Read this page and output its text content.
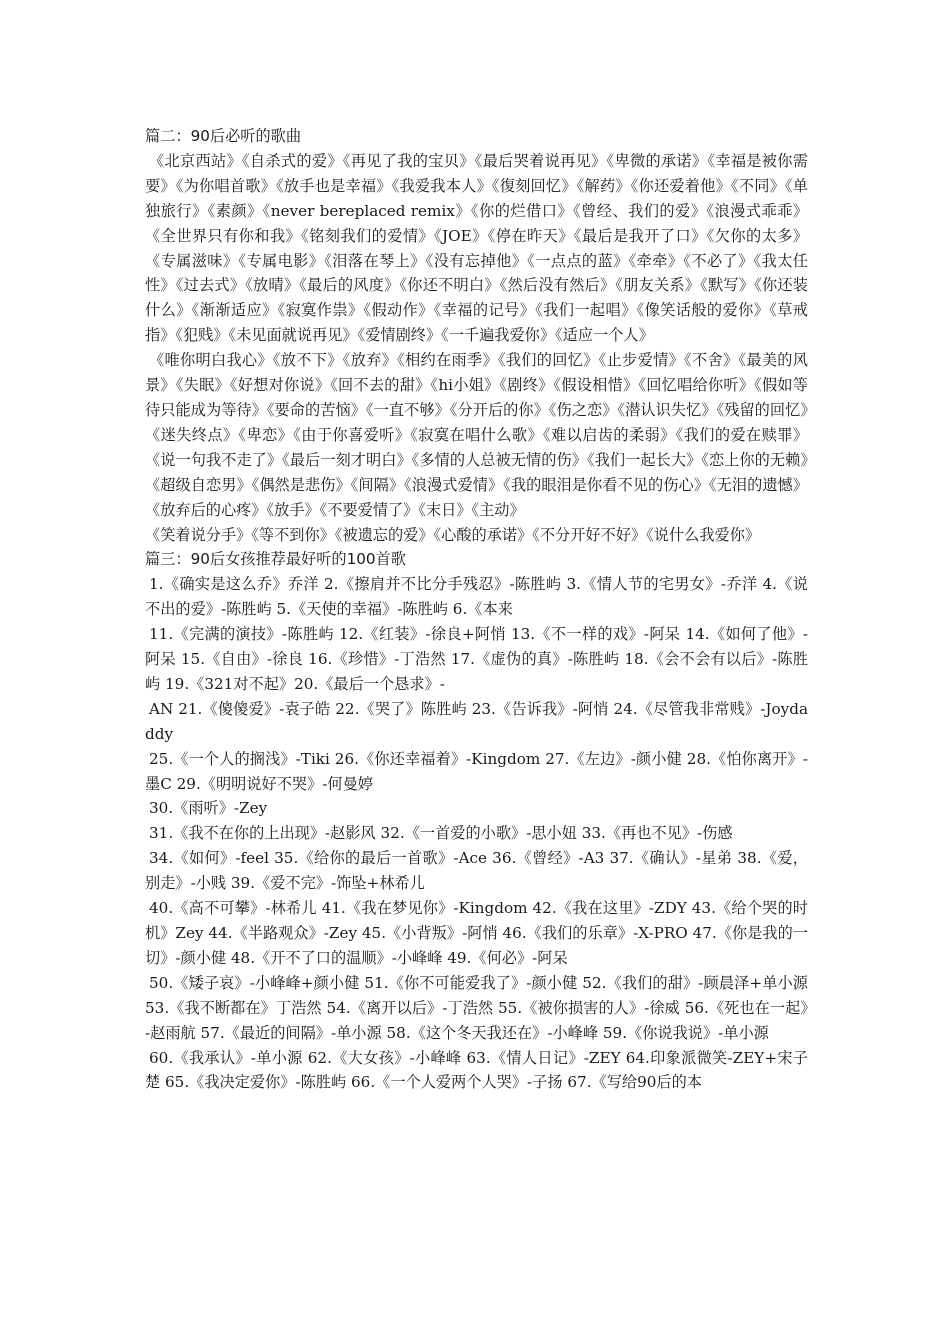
篇二：90后必听的歌曲

《北京西站》《自杀式的爱》《再见了我的宝贝》《最后哭着说再见》《卑微的承诺》《幸福是被你需要》《为你唱首歌》《放手也是幸福》《我爱我本人》《復刻回忆》《解药》《你还爱着他》《不同》《单独旅行》《素颜》《never bereplaced remix》《你的烂借口》《曾经、我们的爱》《浪漫式乖乖》《全世界只有你和我》《铭刻我们的爱情》《JOE》《停在昨天》《最后是我开了口》《欠你的太多》《专属滋味》《专属电影》《泪落在琴上》《没有忘掉他》《一点点的蓝》《牵牵》《不必了》《我太任性》《过去式》《放晴》《最后的风度》《你还不明白》《然后没有然后》《朋友关系》《默写》《你还装什么》《渐渐适应》《寂寞作祟》《假动作》《幸福的记号》《我们一起唱》《像笑话般的爱你》《草戒指》《犯贱》《未见面就说再见》《爱情剧终》《一千遍我爱你》《适应一个人》

《唯你明白我心》《放不下》《放弃》《相约在雨季》《我们的回忆》《止步爱情》《不舍》《最美的风景》《失眠》《好想对你说》《回不去的甜》《hi小姐》《剧终》《假设相惜》《回忆唱给你听》《假如等待只能成为等待》《要命的苦恼》《一直不够》《分开后的你》《伤之恋》《潜认识失忆》《残留的回忆》《迷失终点》《卑恋》《由于你喜爱听》《寂寞在唱什么歌》《难以启齿的柔弱》《我们的爱在赎罪》《说一句我不走了》《最后一刻才明白》《多情的人总被无情的伤》《我们一起长大》《恋上你的无赖》《超级自恋男》《偶然是悲伤》《间隔》《浪漫式爱情》《我的眼泪是你看不见的伤心》《无泪的遗憾》《放弃后的心疼》《放手》《不要爱情了》《末日》《主动》

《笑着说分手》《等不到你》《被遗忘的爱》《心酸的承诺》《不分开好不好》《说什么我爱你》

篇三：90后女孩推荐最好听的100首歌

1.《确实是这么乔》乔洋 2.《擦肩并不比分手残忍》-陈胜屿 3.《情人节的宅男女》-乔洋 4.《说不出的爱》-陈胜屿 5.《天使的幸福》-陈胜屿 6.《本来

11.《完满的演技》-陈胜屿 12.《红装》-徐良+阿悄 13.《不一样的戏》-阿呆 14.《如何了他》-阿呆 15.《自由》-徐良 16.《珍惜》-丁浩然 17.《虚伪的真》-陈胜屿 18.《会不会有以后》-陈胜屿 19.《321对不起》20.《最后一个恳求》-

AN 21.《傻傻爱》-袁子皓 22.《哭了》陈胜屿 23.《告诉我》-阿悄 24.《尽管我非常贱》-Joydaddy

25.《一个人的搁浅》-Tiki 26.《你还幸福着》-Kingdom 27.《左边》-颜小健 28.《怕你离开》-墨C 29.《明明说好不哭》-何曼婷

30.《雨听》-Zey

31.《我不在你的上出现》-赵影风 32.《一首爱的小歌》-思小妞 33.《再也不见》-伤感

34.《如何》-feel 35.《给你的最后一首歌》-Ace 36.《曾经》-A3 37.《确认》-星弟 38.《爱，别走》-小贱 39.《爱不完》-饰坠+林希儿

40.《高不可攀》-林希儿 41.《我在梦见你》-Kingdom 42.《我在这里》-ZDY 43.《给个哭的时机》Zey 44.《半路观众》-Zey 45.《小背叛》-阿悄 46.《我们的乐章》-X-PRO 47.《你是我的一切》-颜小健 48.《开不了口的温顺》-小峰峰 49.《何必》-阿呆

50.《矮子哀》-小峰峰+颜小健 51.《你不可能爱我了》-颜小健 52.《我们的甜》-顾晨泽+单小源 53.《我不断都在》丁浩然 54.《离开以后》-丁浩然 55.《被你损害的人》-徐威 56.《死也在一起》-赵雨航 57.《最近的间隔》-单小源 58.《这个冬天我还在》-小峰峰 59.《你说我说》-单小源

60.《我承认》-单小源 62.《大女孩》-小峰峰 63.《情人日记》-ZEY 64.印象派微笑-ZEY+宋子楚 65.《我决定爱你》-陈胜屿 66.《一个人爱两个人哭》-子扬 67.《写给90后的本
